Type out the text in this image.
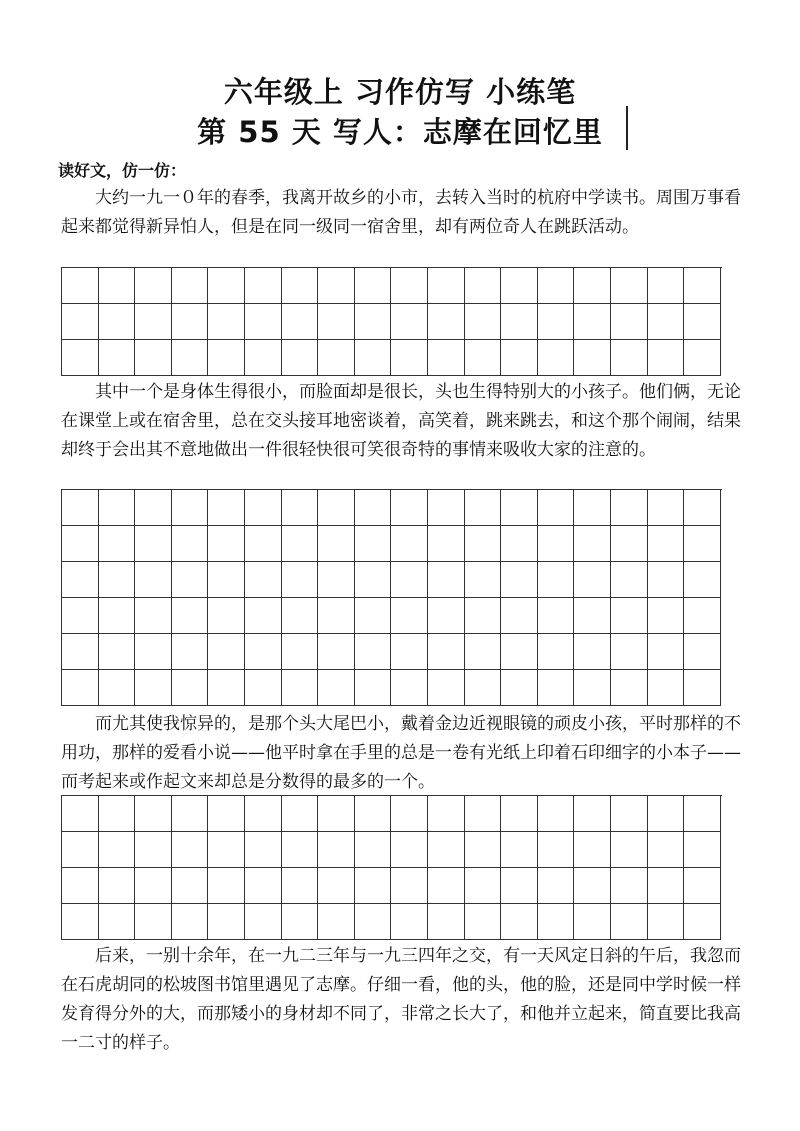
六年级上 习作仿写 小练笔
第 55 天 写人：志摩在回忆里
读好文，仿一仿：

大约一九一０年的春季，我离开故乡的小市，去转入当时的杭府中学读书。周围万事看起来都觉得新异怕人，但是在同一级同一宿舍里，却有两位奇人在跳跃活动。

其中一个是身体生得很小，而脸面却是很长，头也生得特别大的小孩子。他们俩，无论在课堂上或在宿舍里，总在交头接耳地密谈着，高笑着，跳来跳去，和这个那个闹闹，结果却终于会出其不意地做出一件很轻快很可笑很奇特的事情来吸收大家的注意的。

而尤其使我惊异的，是那个头大尾巴小，戴着金边近视眼镜的顽皮小孩，平时那样的不用功，那样的爱看小说——他平时拿在手里的总是一卷有光纸上印着石印细字的小本子——而考起来或作起文来却总是分数得的最多的一个。

后来，一别十余年，在一九二三年与一九三四年之交，有一天风定日斜的午后，我忽而在石虎胡同的松坡图书馆里遇见了志摩。仔细一看，他的头，他的脸，还是同中学时候一样发育得分外的大，而那矮小的身材却不同了，非常之长大了，和他并立起来，简直要比我高一二寸的样子。
